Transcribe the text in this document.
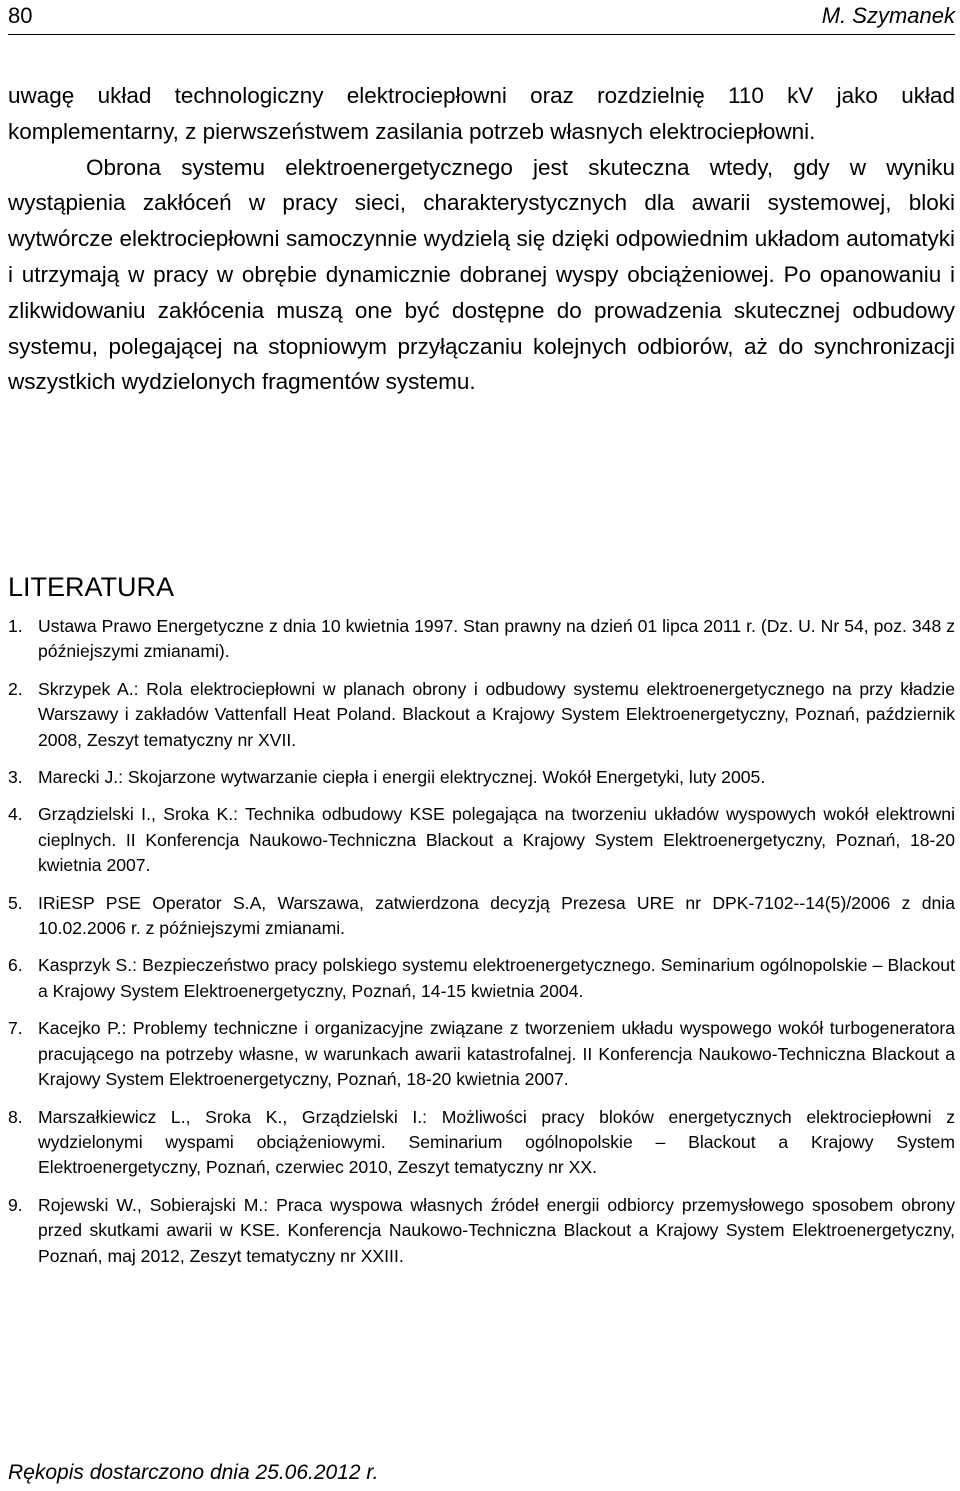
80	M. Szymanek

uwagę układ technologiczny elektrociepłowni oraz rozdzielnię 110 kV jako układ komplementarny, z pierwszeństwem zasilania potrzeb własnych elektrociepłowni.

Obrona systemu elektroenergetycznego jest skuteczna wtedy, gdy w wyniku wystąpienia zakłóceń w pracy sieci, charakterystycznych dla awarii systemowej, bloki wytwórcze elektrociepłowni samoczynnie wydzielą się dzięki odpowiednim układom automatyki i utrzymają w pracy w obrębie dynamicznie dobranej wyspy obciążeniowej. Po opanowaniu i zlikwidowaniu zakłócenia muszą one być dostępne do prowadzenia skutecznej odbudowy systemu, polegającej na stopniowym przyłączaniu kolejnych odbiorów, aż do synchronizacji wszystkich wydzielonych fragmentów systemu.

LITERATURA
1. Ustawa Prawo Energetyczne z dnia 10 kwietnia 1997. Stan prawny na dzień 01 lipca 2011 r. (Dz. U. Nr 54, poz. 348 z późniejszymi zmianami).
2. Skrzypek A.: Rola elektrociepłowni w planach obrony i odbudowy systemu elektroenergetycznego na przy kładzie Warszawy i zakładów Vattenfall Heat Poland. Blackout a Krajowy System Elektroenergetyczny, Poznań, październik 2008, Zeszyt tematyczny nr XVII.
3. Marecki J.: Skojarzone wytwarzanie ciepła i energii elektrycznej. Wokół Energetyki, luty 2005.
4. Grządzielski I., Sroka K.: Technika odbudowy KSE polegająca na tworzeniu układów wyspowych wokół elektrowni cieplnych. II Konferencja Naukowo-Techniczna Blackout a Krajowy System Elektroenergetyczny, Poznań, 18-20 kwietnia 2007.
5. IRiESP PSE Operator S.A, Warszawa, zatwierdzona decyzją Prezesa URE nr DPK-7102--14(5)/2006 z dnia 10.02.2006 r. z późniejszymi zmianami.
6. Kasprzyk S.: Bezpieczeństwo pracy polskiego systemu elektroenergetycznego. Seminarium ogólnopolskie – Blackout a Krajowy System Elektroenergetyczny, Poznań, 14-15 kwietnia 2004.
7. Kacejko P.: Problemy techniczne i organizacyjne związane z tworzeniem układu wyspowego wokół turbogeneratora pracującego na potrzeby własne, w warunkach awarii katastrofalnej. II Konferencja Naukowo-Techniczna Blackout a Krajowy System Elektroenergetyczny, Poznań, 18-20 kwietnia 2007.
8. Marszałkiewicz L., Sroka K., Grządzielski I.: Możliwości pracy bloków energetycznych elektrociepłowni z wydzielonymi wyspami obciążeniowymi. Seminarium ogólnopolskie – Blackout a Krajowy System Elektroenergetyczny, Poznań, czerwiec 2010, Zeszyt tematyczny nr XX.
9. Rojewski W., Sobierajski M.: Praca wyspowa własnych źródeł energii odbiorcy przemysłowego sposobem obrony przed skutkami awarii w KSE. Konferencja Naukowo-Techniczna Blackout a Krajowy System Elektroenergetyczny, Poznań, maj 2012, Zeszyt tematyczny nr XXIII.
Rękopis dostarczono dnia 25.06.2012 r.
